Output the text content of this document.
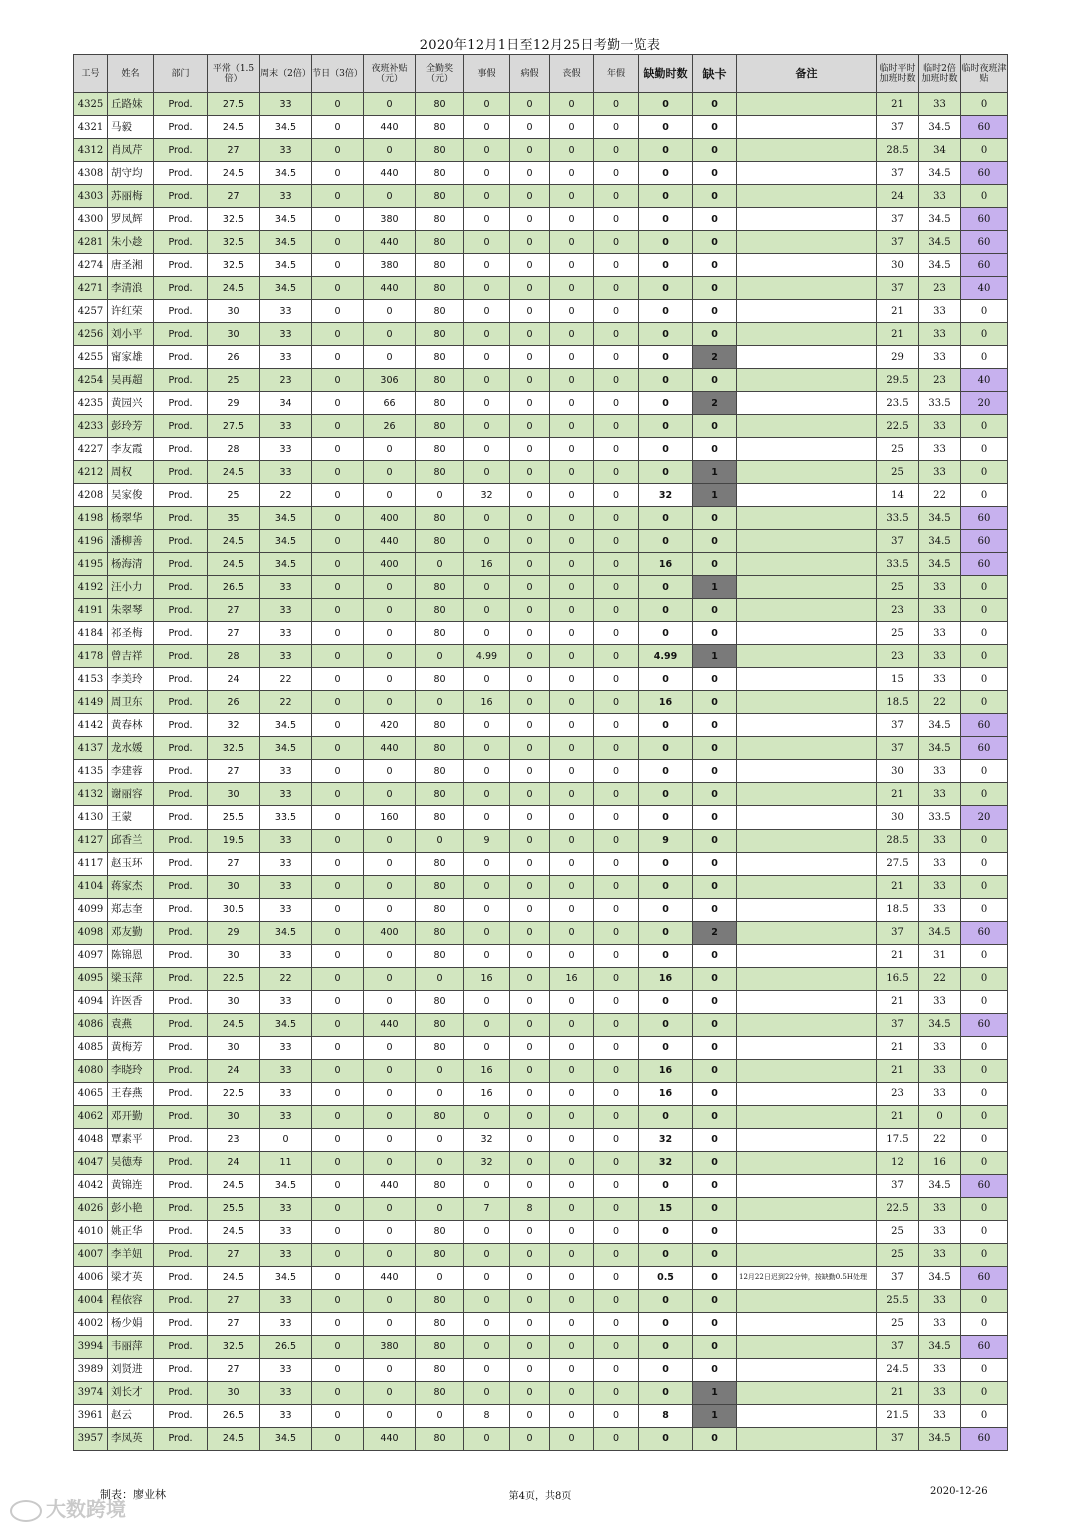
2020年12月1日至12月25日考勤一览表
工号	姓名	部门	平常（1.5倍）	周末（2倍）	节日（3倍）	夜班补贴（元）	全勤奖（元）	事假	病假	丧假	年假	缺勤时数	缺卡	备注	临时平时加班时数	临时2倍加班时数	临时夜班津贴
4325	丘路妹	Prod.	27.5	33	0	0	80	0	0	0	0	0	0		21	33	0
4321	马毅	Prod.	24.5	34.5	0	440	80	0	0	0	0	0	0		37	34.5	60
4312	肖凤芹	Prod.	27	33	0	0	80	0	0	0	0	0	0		28.5	34	0
4308	胡守均	Prod.	24.5	34.5	0	440	80	0	0	0	0	0	0		37	34.5	60
4303	苏丽梅	Prod.	27	33	0	0	80	0	0	0	0	0	0		24	33	0
4300	罗凤辉	Prod.	32.5	34.5	0	380	80	0	0	0	0	0	0		37	34.5	60
4281	朱小趁	Prod.	32.5	34.5	0	440	80	0	0	0	0	0	0		37	34.5	60
4274	唐圣湘	Prod.	32.5	34.5	0	380	80	0	0	0	0	0	0		30	34.5	60
4271	李清浪	Prod.	24.5	34.5	0	440	80	0	0	0	0	0	0		37	23	40
4257	许红荣	Prod.	30	33	0	0	80	0	0	0	0	0	0		21	33	0
4256	刘小平	Prod.	30	33	0	0	80	0	0	0	0	0	0		21	33	0
4255	甯家雄	Prod.	26	33	0	0	80	0	0	0	0	0	2		29	33	0
4254	吴再超	Prod.	25	23	0	306	80	0	0	0	0	0	0		29.5	23	40
4235	黄园兴	Prod.	29	34	0	66	80	0	0	0	0	0	2		23.5	33.5	20
4233	彭玲芳	Prod.	27.5	33	0	26	80	0	0	0	0	0	0		22.5	33	0
4227	李友霞	Prod.	28	33	0	0	80	0	0	0	0	0	0		25	33	0
4212	周权	Prod.	24.5	33	0	0	80	0	0	0	0	0	1		25	33	0
4208	吴家俊	Prod.	25	22	0	0	0	32	0	0	0	32	1		14	22	0
4198	杨翠华	Prod.	35	34.5	0	400	80	0	0	0	0	0	0		33.5	34.5	60
4196	潘柳善	Prod.	24.5	34.5	0	440	80	0	0	0	0	0	0		37	34.5	60
4195	杨海清	Prod.	24.5	34.5	0	400	0	16	0	0	0	16	0		33.5	34.5	60
4192	汪小力	Prod.	26.5	33	0	0	80	0	0	0	0	0	1		25	33	0
4191	朱翠琴	Prod.	27	33	0	0	80	0	0	0	0	0	0		23	33	0
4184	祁圣梅	Prod.	27	33	0	0	80	0	0	0	0	0	0		25	33	0
4178	曾吉祥	Prod.	28	33	0	0	0	4.99	0	0	0	4.99	1		23	33	0
4153	李美玲	Prod.	24	22	0	0	80	0	0	0	0	0	0		15	33	0
4149	周卫东	Prod.	26	22	0	0	0	16	0	0	0	16	0		18.5	22	0
4142	黄春林	Prod.	32	34.5	0	420	80	0	0	0	0	0	0		37	34.5	60
4137	龙水媛	Prod.	32.5	34.5	0	440	80	0	0	0	0	0	0		37	34.5	60
4135	李建蓉	Prod.	27	33	0	0	80	0	0	0	0	0	0		30	33	0
4132	谢丽容	Prod.	30	33	0	0	80	0	0	0	0	0	0		21	33	0
4130	王蒙	Prod.	25.5	33.5	0	160	80	0	0	0	0	0	0		30	33.5	20
4127	邱香兰	Prod.	19.5	33	0	0	0	9	0	0	0	9	0		28.5	33	0
4117	赵玉环	Prod.	27	33	0	0	80	0	0	0	0	0	0		27.5	33	0
4104	蒋家杰	Prod.	30	33	0	0	80	0	0	0	0	0	0		21	33	0
4099	郑志奎	Prod.	30.5	33	0	0	80	0	0	0	0	0	0		18.5	33	0
4098	邓友勤	Prod.	29	34.5	0	400	80	0	0	0	0	0	2		37	34.5	60
4097	陈锦恩	Prod.	30	33	0	0	80	0	0	0	0	0	0		21	31	0
4095	梁玉萍	Prod.	22.5	22	0	0	0	16	0	16	0	16	0		16.5	22	0
4094	许医香	Prod.	30	33	0	0	80	0	0	0	0	0	0		21	33	0
4086	袁燕	Prod.	24.5	34.5	0	440	80	0	0	0	0	0	0		37	34.5	60
4085	黄梅芳	Prod.	30	33	0	0	80	0	0	0	0	0	0		21	33	0
4080	李晓玲	Prod.	24	33	0	0	0	16	0	0	0	16	0		21	33	0
4065	王春燕	Prod.	22.5	33	0	0	0	16	0	0	0	16	0		23	33	0
4062	邓开勤	Prod.	30	33	0	0	80	0	0	0	0	0	0		21	0	0
4048	覃素平	Prod.	23	0	0	0	0	32	0	0	0	32	0		17.5	22	0
4047	吴德寿	Prod.	24	11	0	0	0	32	0	0	0	32	0		12	16	0
4042	黄锦连	Prod.	24.5	34.5	0	440	80	0	0	0	0	0	0		37	34.5	60
4026	彭小艳	Prod.	25.5	33	0	0	0	7	8	0	0	15	0		22.5	33	0
4010	姚正华	Prod.	24.5	33	0	0	80	0	0	0	0	0	0		25	33	0
4007	李羊妞	Prod.	27	33	0	0	80	0	0	0	0	0	0		25	33	0
4006	梁才英	Prod.	24.5	34.5	0	440	0	0	0	0	0	0.5	0	12月22日迟到22分钟，按缺勤0.5H处理	37	34.5	60
4004	程依容	Prod.	27	33	0	0	80	0	0	0	0	0	0		25.5	33	0
4002	杨少娟	Prod.	27	33	0	0	80	0	0	0	0	0	0		25	33	0
3994	韦丽萍	Prod.	32.5	26.5	0	380	80	0	0	0	0	0	0		37	34.5	60
3989	刘贤进	Prod.	27	33	0	0	80	0	0	0	0	0	0		24.5	33	0
3974	刘长才	Prod.	30	33	0	0	80	0	0	0	0	0	1		21	33	0
3961	赵云	Prod.	26.5	33	0	0	0	8	0	0	0	8	1		21.5	33	0
3957	李凤英	Prod.	24.5	34.5	0	440	80	0	0	0	0	0	0		37	34.5	60
制表：廖业林	第4页，共8页	2020-12-26
大数跨境
